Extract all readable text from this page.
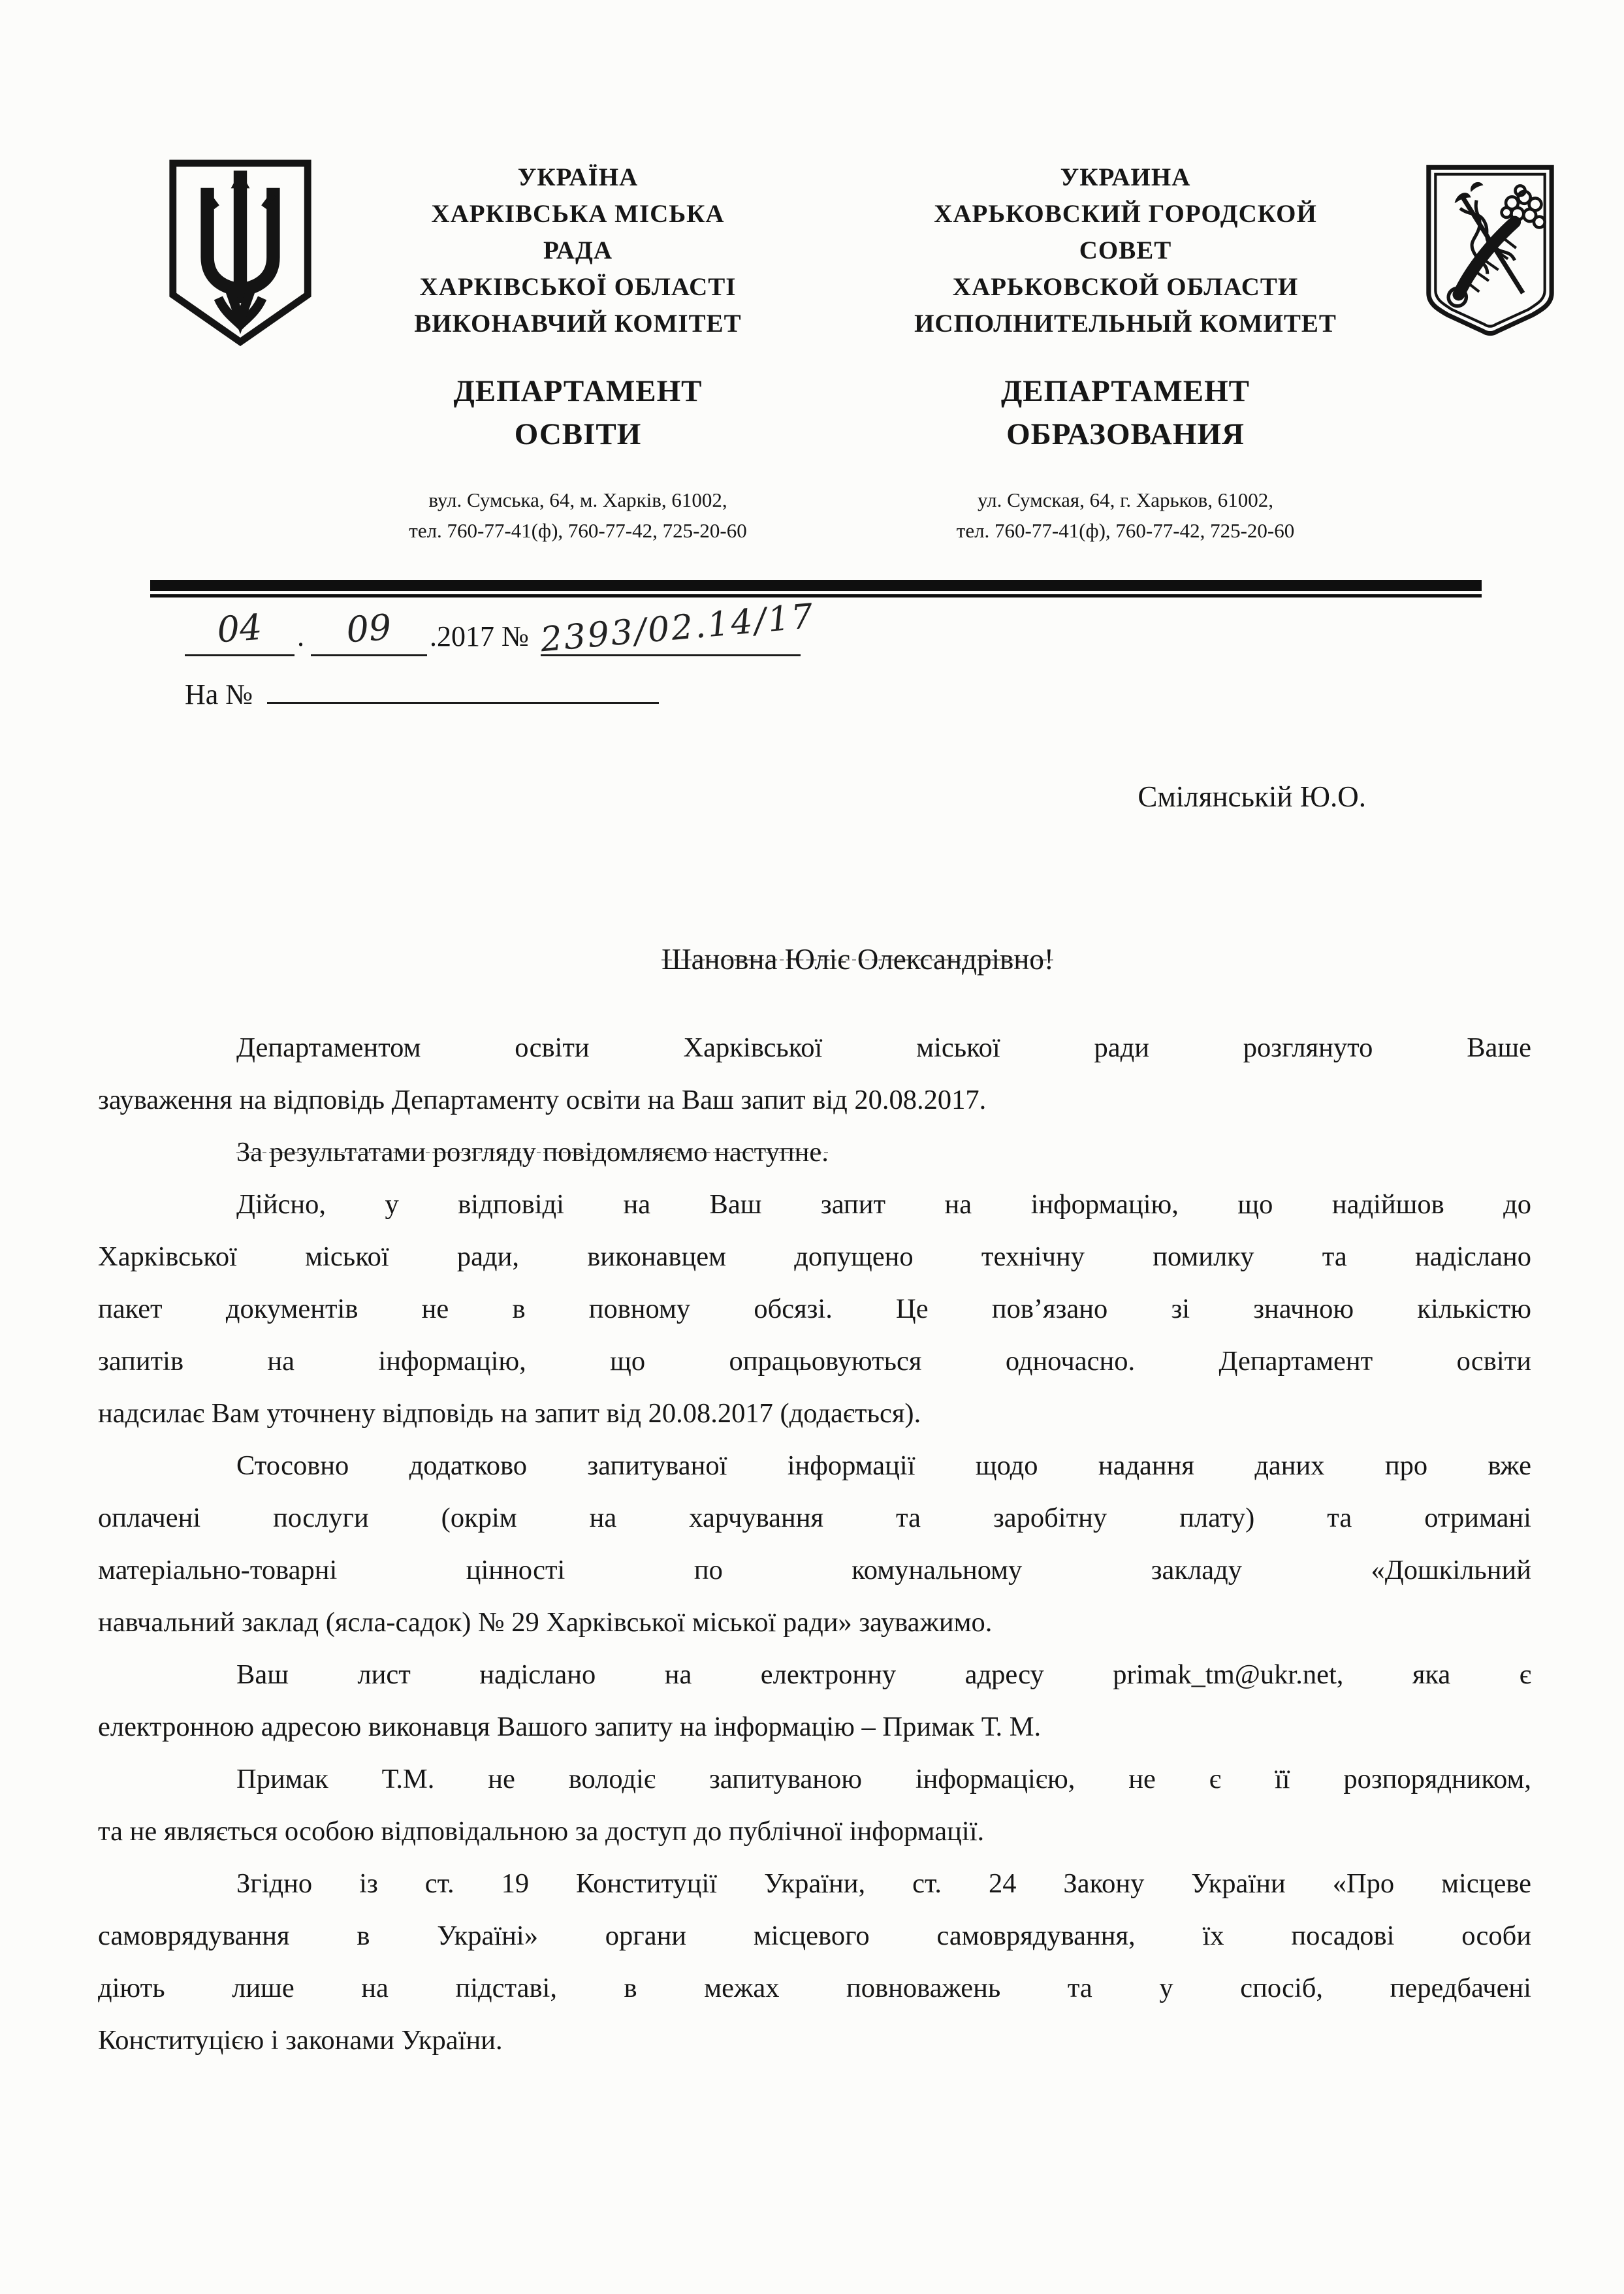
УКРАЇНА
ХАРКІВСЬКА МІСЬКА
РАДА
ХАРКІВСЬКОЇ ОБЛАСТІ
ВИКОНАВЧИЙ КОМІТЕТ
ДЕПАРТАМЕНТ
ОСВІТИ
вул. Сумська, 64, м. Харків, 61002,
тел. 760-77-41(ф), 760-77-42, 725-20-60
УКРАИНА
ХАРЬКОВСКИЙ ГОРОДСКОЙ
СОВЕТ
ХАРЬКОВСКОЙ ОБЛАСТИ
ИСПОЛНИТЕЛЬНЫЙ КОМИТЕТ
ДЕПАРТАМЕНТ
ОБРАЗОВАНИЯ
ул. Сумская, 64, г. Харьков, 61002,
тел. 760-77-41(ф), 760-77-42, 725-20-60
04	.	09	.2017 № 2393/02.14/17
На №
Смілянській Ю.О.
Шановна Юліє Олександрівно!
Департаментом освіти Харківської міської ради розглянуто Ваше
зауваження на відповідь Департаменту освіти на Ваш запит від 20.08.2017.
За результатами розгляду повідомляємо наступне.
Дійсно, у відповіді на Ваш запит на інформацію, що надійшов до
Харківської міської ради, виконавцем допущено технічну помилку та надіслано
пакет документів не в повному обсязі. Це пов’язано зі значною кількістю
запитів на інформацію, що опрацьовуються одночасно. Департамент освіти
надсилає Вам уточнену відповідь на запит від 20.08.2017 (додається).
Стосовно додатково запитуваної інформації щодо надання даних про вже
оплачені послуги (окрім на харчування та заробітну плату) та отримані
матеріально-товарні цінності по комунальному закладу «Дошкільний
навчальний заклад (ясла-садок) № 29 Харківської міської ради» зауважимо.
Ваш лист надіслано на електронну адресу primak_tm@ukr.net, яка є
електронною адресою виконавця Вашого запиту на інформацію – Примак Т. М.
Примак Т.М. не володіє запитуваною інформацією, не є її розпорядником,
та не являється особою відповідальною за доступ до публічної інформації.
Згідно із ст. 19 Конституції України, ст. 24 Закону України «Про місцеве
самоврядування в Україні» органи місцевого самоврядування, їх посадові особи
діють лише на підставі, в межах повноважень та у спосіб, передбачені
Конституцією і законами України.
